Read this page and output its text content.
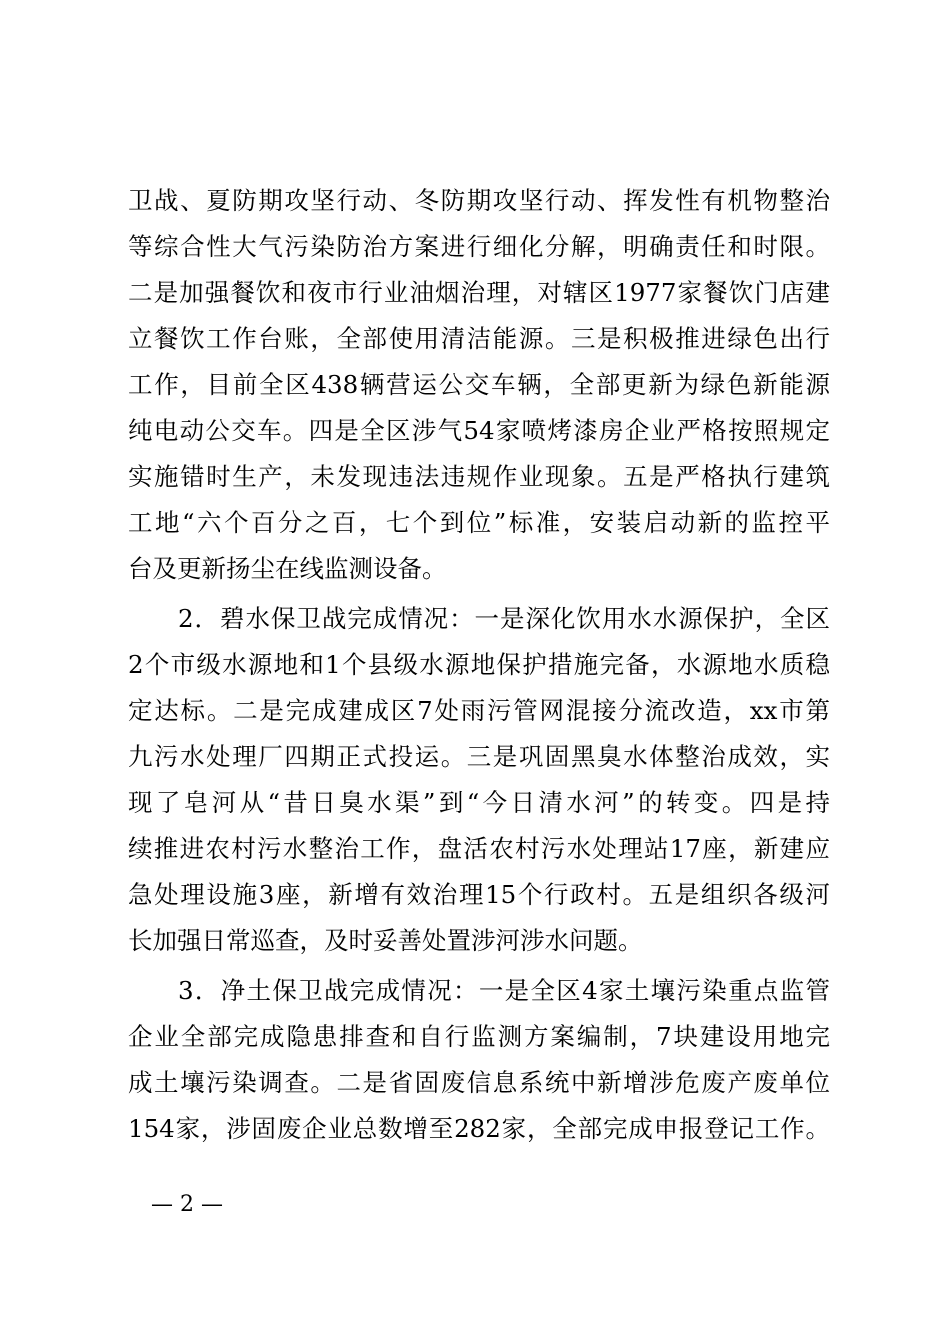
卫战、夏防期攻坚行动、冬防期攻坚行动、挥发性有机物整治
等综合性大气污染防治方案进行细化分解，明确责任和时限。
二是加强餐饮和夜市行业油烟治理，对辖区1977家餐饮门店建
立餐饮工作台账，全部使用清洁能源。三是积极推进绿色出行
工作，目前全区438辆营运公交车辆，全部更新为绿色新能源
纯电动公交车。四是全区涉气54家喷烤漆房企业严格按照规定
实施错时生产，未发现违法违规作业现象。五是严格执行建筑
工地“六个百分之百，七个到位”标准，安装启动新的监控平
台及更新扬尘在线监测设备。
2．碧水保卫战完成情况：一是深化饮用水水源保护，全区
2个市级水源地和1个县级水源地保护措施完备，水源地水质稳
定达标。二是完成建成区7处雨污管网混接分流改造，xx市第
九污水处理厂四期正式投运。三是巩固黑臭水体整治成效，实
现了皂河从“昔日臭水渠”到“今日清水河”的转变。四是持
续推进农村污水整治工作，盘活农村污水处理站17座，新建应
急处理设施3座，新增有效治理15个行政村。五是组织各级河
长加强日常巡查，及时妥善处置涉河涉水问题。
3．净土保卫战完成情况：一是全区4家土壤污染重点监管
企业全部完成隐患排查和自行监测方案编制，7块建设用地完
成土壤污染调查。二是省固废信息系统中新增涉危废产废单位
154家，涉固废企业总数增至282家，全部完成申报登记工作。
— 2 —
